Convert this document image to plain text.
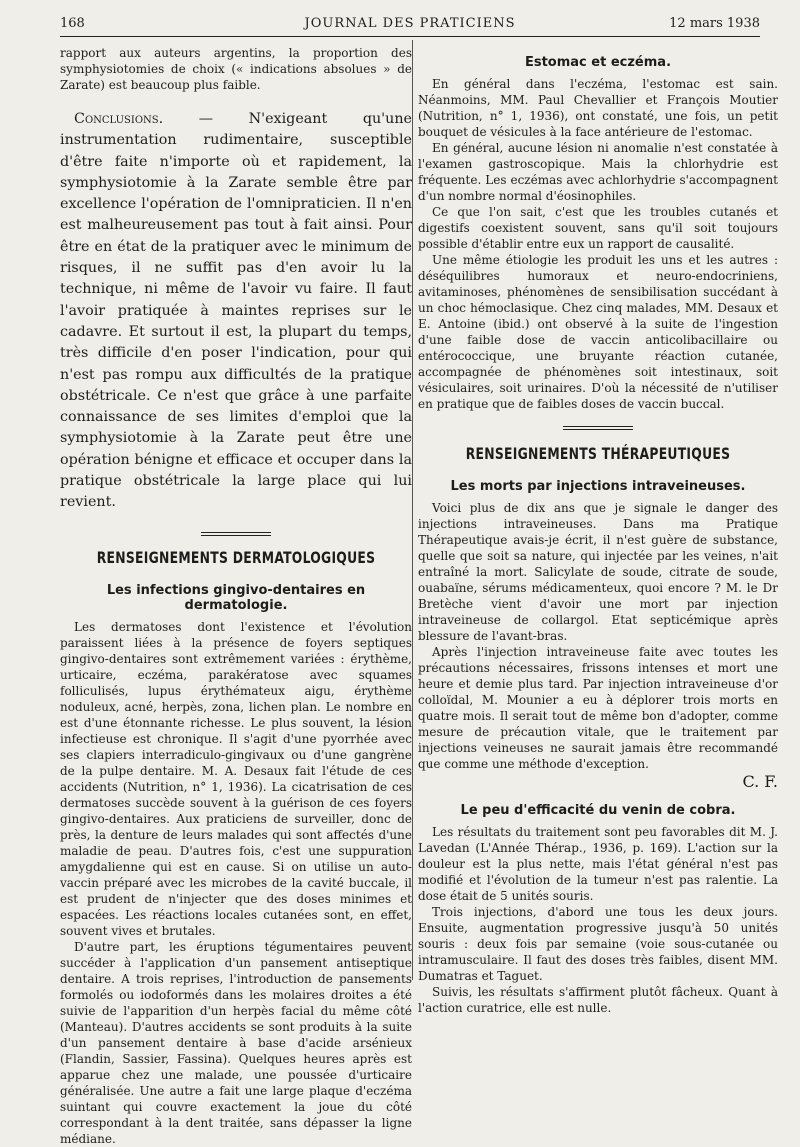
168	JOURNAL DES PRATICIENS	12 mars 1938

rapport aux auteurs argentins, la proportion des symphysiotomies de choix (« indications absolues » de Zarate) est beaucoup plus faible.

Conclusions. — N'exigeant qu'une instrumentation rudimentaire, susceptible d'être faite n'importe où et rapidement, la symphysiotomie à la Zarate semble être par excellence l'opération de l'omnipraticien. Il n'en est malheureusement pas tout à fait ainsi. Pour être en état de la pratiquer avec le minimum de risques, il ne suffit pas d'en avoir lu la technique, ni même de l'avoir vu faire. Il faut l'avoir pratiquée à maintes reprises sur le cadavre. Et surtout il est, la plupart du temps, très difficile d'en poser l'indication, pour qui n'est pas rompu aux difficultés de la pratique obstétricale. Ce n'est que grâce à une parfaite connaissance de ses limites d'emploi que la symphysiotomie à la Zarate peut être une opération bénigne et efficace et occuper dans la pratique obstétricale la large place qui lui revient.

RENSEIGNEMENTS DERMATOLOGIQUES
Les infections gingivo-dentaires en dermatologie.

Les dermatoses dont l'existence et l'évolution paraissent liées à la présence de foyers septiques gingivo-dentaires sont extrêmement variées : érythème, urticaire, eczéma, parakératose avec squames folliculisés, lupus érythémateux aigu, érythème noduleux, acné, herpès, zona, lichen plan. Le nombre en est d'une étonnante richesse. Le plus souvent, la lésion infectieuse est chronique. Il s'agit d'une pyorrhée avec ses clapiers interradiculo-gingivaux ou d'une gangrène de la pulpe dentaire. M. A. Desaux fait l'étude de ces accidents (Nutrition, n° 1, 1936). La cicatrisation de ces dermatoses succède souvent à la guérison de ces foyers gingivo-dentaires. Aux praticiens de surveiller, donc de près, la denture de leurs malades qui sont affectés d'une maladie de peau. D'autres fois, c'est une suppuration amygdalienne qui est en cause. Si on utilise un auto-vaccin préparé avec les microbes de la cavité buccale, il est prudent de n'injecter que des doses minimes et espacées. Les réactions locales cutanées sont, en effet, souvent vives et brutales.

D'autre part, les éruptions tégumentaires peuvent succéder à l'application d'un pansement antiseptique dentaire. A trois reprises, l'introduction de pansements formolés ou iodoformés dans les molaires droites a été suivie de l'apparition d'un herpès facial du même côté (Manteau). D'autres accidents se sont produits à la suite d'un pansement dentaire à base d'acide arsénieux (Flandin, Sassier, Fassina). Quelques heures après est apparue chez une malade, une poussée d'urticaire généralisée. Une autre a fait une large plaque d'eczéma suintant qui couvre exactement la joue du côté correspondant à la dent traitée, sans dépasser la ligne médiane.

Estomac et eczéma.

En général dans l'eczéma, l'estomac est sain. Néanmoins, MM. Paul Chevallier et François Moutier (Nutrition, n° 1, 1936), ont constaté, une fois, un petit bouquet de vésicules à la face antérieure de l'estomac.

En général, aucune lésion ni anomalie n'est constatée à l'examen gastroscopique. Mais la chlorhydrie est fréquente. Les eczémas avec achlorhydrie s'accompagnent d'un nombre normal d'éosinophiles.

Ce que l'on sait, c'est que les troubles cutanés et digestifs coexistent souvent, sans qu'il soit toujours possible d'établir entre eux un rapport de causalité.

Une même étiologie les produit les uns et les autres : déséquilibres humoraux et neuro-endocriniens, avitaminoses, phénomènes de sensibilisation succédant à un choc hémoclasique. Chez cinq malades, MM. Desaux et E. Antoine (ibid.) ont observé à la suite de l'ingestion d'une faible dose de vaccin anticolibacillaire ou entérococcique, une bruyante réaction cutanée, accompagnée de phénomènes soit intestinaux, soit vésiculaires, soit urinaires. D'où la nécessité de n'utiliser en pratique que de faibles doses de vaccin buccal.

RENSEIGNEMENTS THÉRAPEUTIQUES
Les morts par injections intraveineuses.

Voici plus de dix ans que je signale le danger des injections intraveineuses. Dans ma Pratique Thérapeutique avais-je écrit, il n'est guère de substance, quelle que soit sa nature, qui injectée par les veines, n'ait entraîné la mort. Salicylate de soude, citrate de soude, ouabaïne, sérums médicamenteux, quoi encore ? M. le Dr Bretèche vient d'avoir une mort par injection intraveineuse de collargol. Etat septicémique après blessure de l'avant-bras.

Après l'injection intraveineuse faite avec toutes les précautions nécessaires, frissons intenses et mort une heure et demie plus tard. Par injection intraveineuse d'or colloïdal, M. Mounier a eu à déplorer trois morts en quatre mois. Il serait tout de même bon d'adopter, comme mesure de précaution vitale, que le traitement par injections veineuses ne saurait jamais être recommandé que comme une méthode d'exception.

C. F.
Le peu d'efficacité du venin de cobra.

Les résultats du traitement sont peu favorables dit M. J. Lavedan (L'Année Thérap., 1936, p. 169). L'action sur la douleur est la plus nette, mais l'état général n'est pas modifié et l'évolution de la tumeur n'est pas ralentie. La dose était de 5 unités souris.

Trois injections, d'abord une tous les deux jours. Ensuite, augmentation progressive jusqu'à 50 unités souris : deux fois par semaine (voie sous-cutanée ou intramusculaire. Il faut des doses très faibles, disent MM. Dumatras et Taguet.

Suivis, les résultats s'affirment plutôt fâcheux. Quant à l'action curatrice, elle est nulle.
